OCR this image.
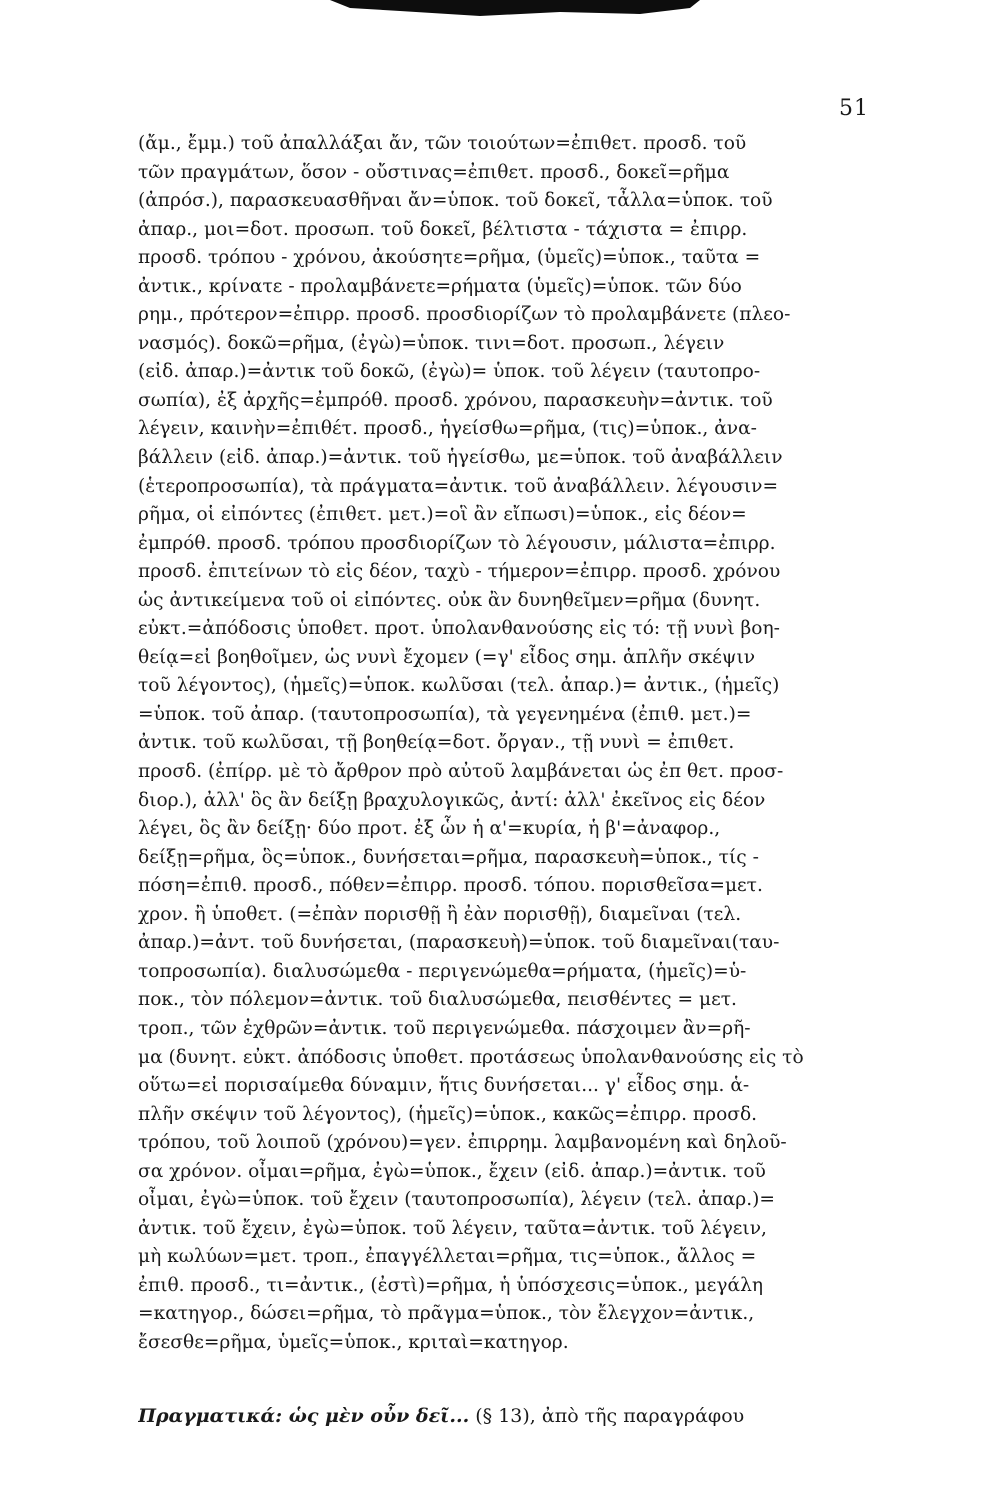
51
(ἄμ., ἔμμ.) τοῦ ἀπαλλάξαι ἄν, τῶν τοιούτων=ἐπιθετ. προσδ. τοῦ
τῶν πραγμάτων, ὅσον - οὔστινας=ἐπιθετ. προσδ., δοκεῖ=ρῆμα
(ἀπρόσ.), παρασκευασθῆναι ἄν=ὑποκ. τοῦ δοκεῖ, τἆλλα=ὑποκ. τοῦ
ἀπαρ., μοι=δοτ. προσωπ. τοῦ δοκεῖ, βέλτιστα - τάχιστα = ἐπιρρ.
προσδ. τρόπου - χρόνου, ἀκούσητε=ρῆμα, (ὑμεῖς)=ὑποκ., ταῦτα =
ἀντικ., κρίνατε - προλαμβάνετε=ρήματα (ὑμεῖς)=ὑποκ. τῶν δύο
ρημ., πρότερον=ἐπιρρ. προσδ. προσδιορίζων τὸ προλαμβάνετε (πλεο-
νασμός). δοκῶ=ρῆμα, (ἐγὼ)=ὑποκ. τινι=δοτ. προσωπ., λέγειν
(εἰδ. ἀπαρ.)=ἀντικ τοῦ δοκῶ, (ἐγὼ)= ὑποκ. τοῦ λέγειν (ταυτοπρο-
σωπία), ἐξ ἀρχῆς=ἐμπρόθ. προσδ. χρόνου, παρασκευὴν=ἀντικ. τοῦ
λέγειν, καινὴν=ἐπιθέτ. προσδ., ἡγείσθω=ρῆμα, (τις)=ὑποκ., ἀνα-
βάλλειν (εἰδ. ἀπαρ.)=ἀντικ. τοῦ ἡγείσθω, με=ὑποκ. τοῦ ἀναβάλλειν
(ἑτεροπροσωπία), τὰ πράγματα=ἀντικ. τοῦ ἀναβάλλειν. λέγουσιν=
ρῆμα, οἱ εἰπόντες (ἐπιθετ. μετ.)=οἳ ἂν εἴπωσι)=ὑποκ., εἰς δέον=
ἐμπρόθ. προσδ. τρόπου προσδιορίζων τὸ λέγουσιν, μάλιστα=ἐπιρρ.
προσδ. ἐπιτείνων τὸ εἰς δέον, ταχὺ - τήμερον=ἐπιρρ. προσδ. χρόνου
ὡς ἀντικείμενα τοῦ οἱ εἰπόντες. οὐκ ἂν δυνηθεῖμεν=ρῆμα (δυνητ.
εὐκτ.=ἀπόδοσις ὑποθετ. προτ. ὑπολανθανούσης εἰς τό: τῇ νυνὶ βοη-
θείᾳ=εἰ βοηθοῖμεν, ὡς νυνὶ ἔχομεν (=γ' εἶδος σημ. ἁπλῆν σκέψιν
τοῦ λέγοντος), (ἡμεῖς)=ὑποκ. κωλῦσαι (τελ. ἀπαρ.)= ἀντικ., (ἡμεῖς)
=ὑποκ. τοῦ ἀπαρ. (ταυτοπροσωπία), τὰ γεγενημένα (ἐπιθ. μετ.)=
ἀντικ. τοῦ κωλῦσαι, τῇ βοηθείᾳ=δοτ. ὄργαν., τῇ νυνὶ = ἐπιθετ.
προσδ. (ἐπίρρ. μὲ τὸ ἄρθρον πρὸ αὐτοῦ λαμβάνεται ὡς ἐπ θετ. προσ-
διορ.), ἀλλ' ὃς ἂν δείξῃ βραχυλογικῶς, ἀντί: ἀλλ' ἐκεῖνος εἰς δέον
λέγει, ὃς ἂν δείξῃ· δύο προτ. ἐξ ὧν ἡ α'=κυρία, ἡ β'=ἀναφορ.,
δείξῃ=ρῆμα, ὃς=ὑποκ., δυνήσεται=ρῆμα, παρασκευὴ=ὑποκ., τίς -
πόση=ἐπιθ. προσδ., πόθεν=ἐπιρρ. προσδ. τόπου. πορισθεῖσα=μετ.
χρον. ἢ ὑποθετ. (=ἐπὰν πορισθῇ ἢ ἐὰν πορισθῇ), διαμεῖναι (τελ.
ἀπαρ.)=ἀντ. τοῦ δυνήσεται, (παρασκευὴ)=ὑποκ. τοῦ διαμεῖναι(ταυ-
τοπροσωπία). διαλυσώμεθα - περιγενώμεθα=ρήματα, (ἡμεῖς)=ὑ-
ποκ., τὸν πόλεμον=ἀντικ. τοῦ διαλυσώμεθα, πεισθέντες = μετ.
τροπ., τῶν ἐχθρῶν=ἀντικ. τοῦ περιγενώμεθα. πάσχοιμεν ἂν=ρῆ-
μα (δυνητ. εὐκτ. ἀπόδοσις ὑποθετ. προτάσεως ὑπολανθανούσης εἰς τὸ
οὕτω=εἰ πορισαίμεθα δύναμιν, ἥτις δυνήσεται... γ' εἶδος σημ. ἁ-
πλῆν σκέψιν τοῦ λέγοντος), (ἡμεῖς)=ὑποκ., κακῶς=ἐπιρρ. προσδ.
τρόπου, τοῦ λοιποῦ (χρόνου)=γεν. ἐπιρρημ. λαμβανομένη καὶ δηλοῦ-
σα χρόνον. οἶμαι=ρῆμα, ἐγὼ=ὑποκ., ἔχειν (εἰδ. ἀπαρ.)=ἀντικ. τοῦ
οἶμαι, ἐγὼ=ὑποκ. τοῦ ἔχειν (ταυτοπροσωπία), λέγειν (τελ. ἀπαρ.)=
ἀντικ. τοῦ ἔχειν, ἐγὼ=ὑποκ. τοῦ λέγειν, ταῦτα=ἀντικ. τοῦ λέγειν,
μὴ κωλύων=μετ. τροπ., ἐπαγγέλλεται=ρῆμα, τις=ὑποκ., ἄλλος =
ἐπιθ. προσδ., τι=ἀντικ., (ἐστὶ)=ρῆμα, ἡ ὑπόσχεσις=ὑποκ., μεγάλη
=κατηγορ., δώσει=ρῆμα, τὸ πρᾶγμα=ὑποκ., τὸν ἔλεγχον=ἀντικ.,
ἔσεσθε=ρῆμα, ὑμεῖς=ὑποκ., κριταὶ=κατηγορ.
Πραγματικά: ὡς μὲν οὖν δεῖ... (§ 13), ἀπὸ τῆς παραγράφου
